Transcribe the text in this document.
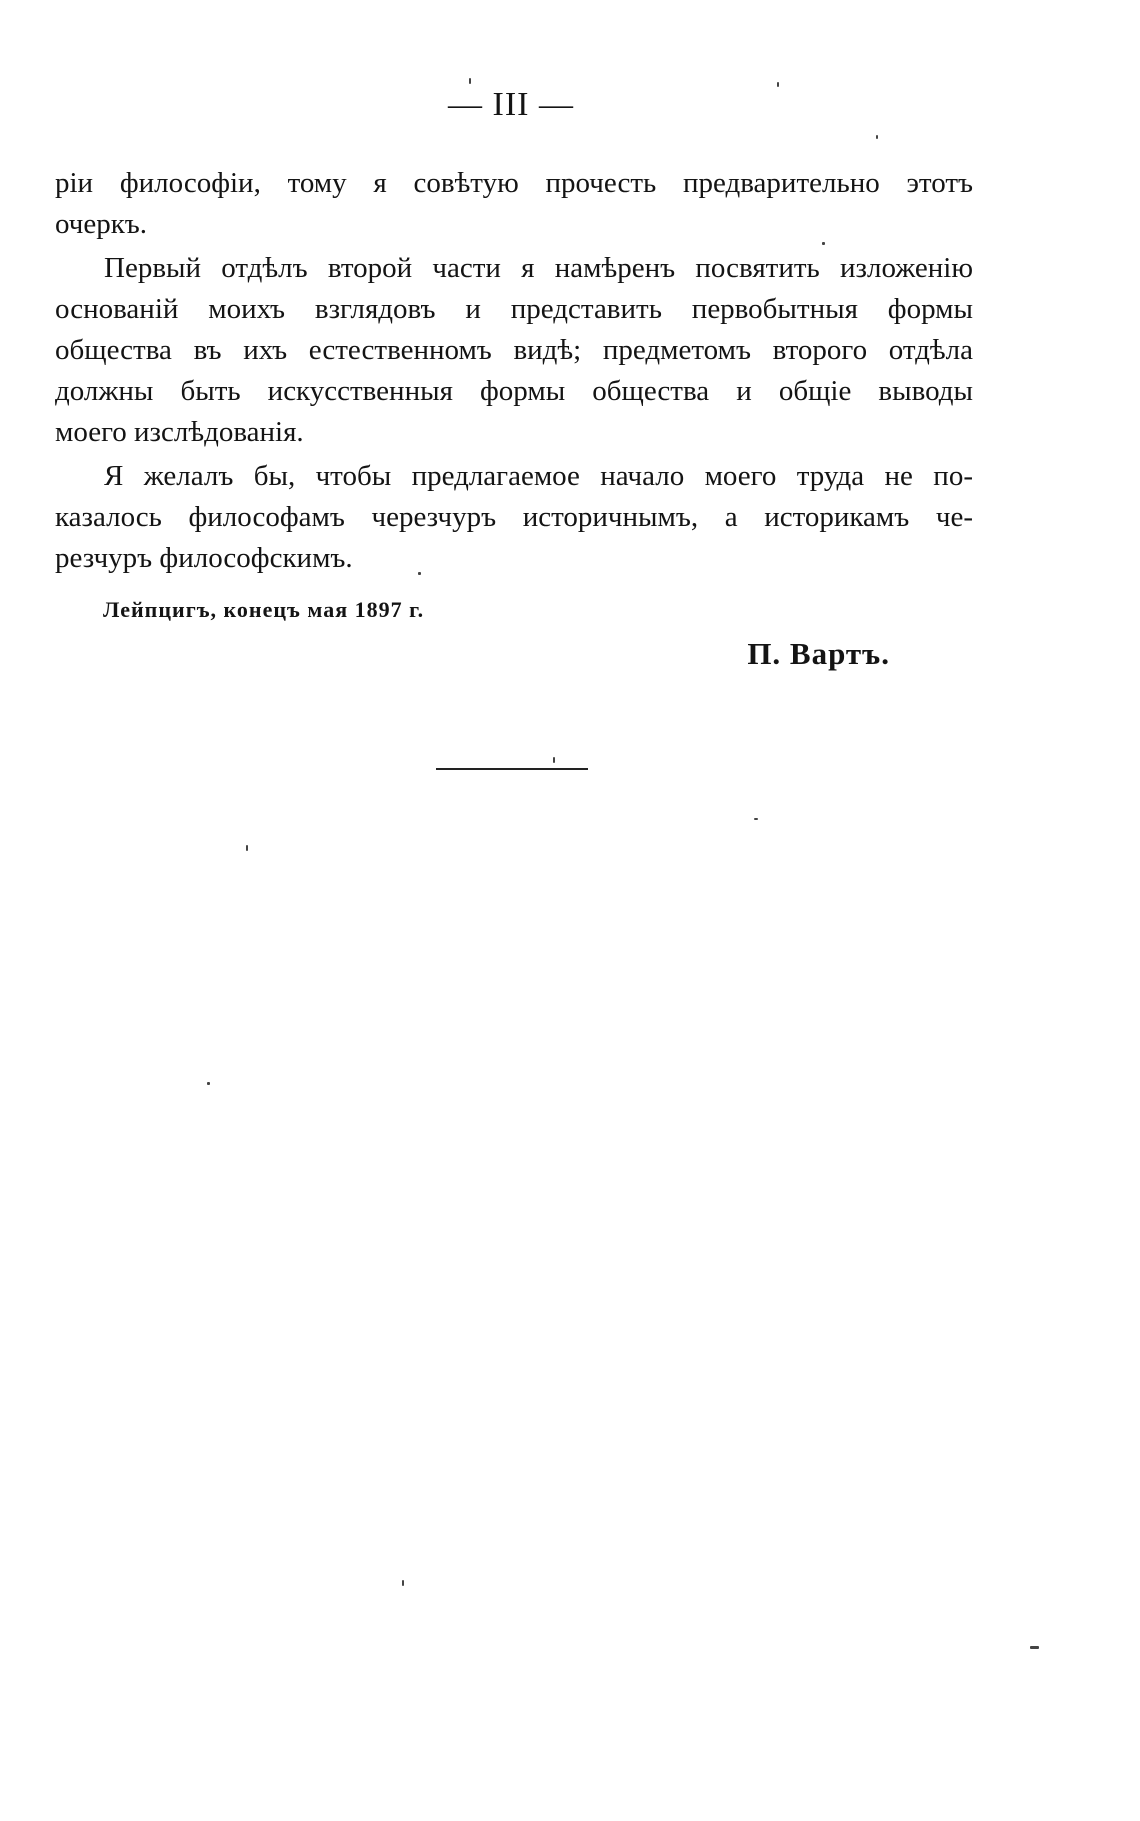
— III —

ріи философіи, тому я совѣтую прочесть предварительно этотъ
очеркъ.

Первый отдѣлъ второй части я намѣренъ посвятить изложенію
основаній моихъ взглядовъ и представить первобытныя формы
общества въ ихъ естественномъ видѣ; предметомъ второго отдѣла
должны быть искусственныя формы общества и общіе выводы
моего изслѣдованія.

Я желалъ бы, чтобы предлагаемое начало моего труда не по-
казалось философамъ черезчуръ историчнымъ, а историкамъ че-
резчуръ философскимъ.

Лейпцигъ, конецъ мая 1897 г.
П. Вартъ.
